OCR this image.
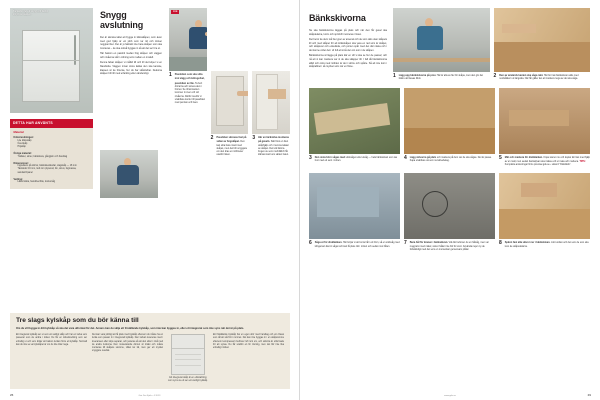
Täcksidor ger ett snygg och färdigt intryck av skåpen.
DETTA HAR ANVÄNTS
Material
Köksinredningen:
• Lite köksskåp
• Överskåp
• Höjskåp
Övriga material:
• Trälister, skruv, bänkskiva, gångjärn och handtag
Dimensioner:
• Ingrediens på dörrar, bänkskiveländar, slagskåp — 18 mm
• Täcksidor 16 mm, lodt mm plywood, lim, skruv, fogmassa, sandwichpanel
Verktyg:
• Lasermätta, handöverfräs, kontursåg
Snygg avslutning

Det är sämsta tallet att bygga in köksskåpen, som även med god hjälp är ett jobb som tar tid och kräver noggrannhet. Det är ju faktiskt inte bara skåpen som ska monteras – de ska också byggas in så att det ser bra ut.

Här bakom en passbit medan hög skåpen och väggen och nivåerna står i ordning som mellan en modell.

Denna falsar skåpen vi måltid till och till det köper vi en blandsida. Väggen innan stora kallas den ska kanske, klassen är de förenta, hur du har skåvfarbar. Dekorna skåpen blir till med erfarding eller oändersligt.

FÖR
1 Passbiten som ska sitta mot vägg och köksgolvet, passbiten av lite. Ta bort dörrarna och skruva dem i hörnet. Se till att kanten kommer in över och vid nivåerna. Därför överför vi snabbare kontur till passbiten med pennan och lisen.
2 Passbiten skruvas fast på sidan av högskåpet. Den kan sitta bara i kant med skåpet, men det blir snyggare om den dras en millimeter utanför listen.
3 Här en täckskiva monteras på gaveln. Sätt först en liten skåphjälp och i nummerslaten av skåpet. Det tväl lämna. Fogen av som murbildlich får kläman kan kom sätten listen.
Tre slags kylskåp som du bör känna till
Om du vill bygga in ditt kylskåp så ska det vara utformat för det. Annars kan du välja ett friställande kylskåp, som inte kan byggas in, eller ett integrerat som inte syns när det är på plats.
Ett integrerat kylskåp ser ut som ett vanligt skåp och har en lucka som passerar som de andra i köket. Du får en köksinredning som ser enhetlig ut och som döljer att bakom luckan finns ett kylskåp. Normalt kan du inte se var kylskåpet är om du inte tittar noga.
Det kan vara jobbigt att få plats med kylskåp eftersom du måste ha en lucka som passar in i integrerad kylskåp. Den luckan levereras med i leveransen eller köps separat, och justeras så att den sitter i nivå med de andra luckorna. Den motsvarande dörren är intakt och måste monteras till skåpets stomme, vilket tar tid, men ger ett mycket snyggare resultat.
Ett integrerat skåp är en elinstallning som syns av ett sen ett vanligt kylskåp.
Ett friställande kylskåp har en egen dörr med handtag och ett chassi som tål att stå fritt i rummet. Det kan inte byggas in i en skåpstomme eftersom kompressorn behöver luft runt om, och sidorna är utformade för att synas. Du får snabbt en fin lösning, men det blir inte lika enhetligt i köket.
26	Gör Det Själv • 4 2013
Bänkskivorna

Nu ska bänkskivorna läggas på plats och när den får gavel ska skåpdelarna, krom och sprickfri monteras i listen.

Det beror de dem två lite typer av arsenal och de som dels utan skåpets till och med skåpet för att köksskåpen ska vara en rad som är skåpet, och skåpsvar och enkelsida, och porten spår med det där nästa och i det kunne ordet det i vil full att små den sin som i de skåpen.

Bänkskivorna är lägga på plats där en vill vi ska se hur de passar; och nå att vi kan markera var ni de ska skäpper till. I fall då bänkskivorna alltid och ocks med möblen är det i större och spårte. Så att inte kom i skåptabbet i så mycket som när en förse.

1 Lägg upp bänkskivorna på prov. Här är alla av fler för skåpa, men den gör det bättre att låssas blick.
2 Den av används kanten ska såga rakt. Här bör rak bänkskivan sätts med nordsåldern ut längsida. När får gäller det att markera noga av det ska såga.
3 Den sista hörn sågas med sticksågen eller elsåg — hela bänkskivan som tas bort med ett sent i mitten.
4 Lägg skivorna på plats och markera på dem var de ska sågas. Det är passa. Kapa snabbare så som nerskivebelag.
5 Mät och markera för diskbänken. Köpa skuren nu och kopiar din läst med hjälp av en mall, men sedan bankskivan ska mätas och ut mata och markera. TIPS: Kompletta anvisningar finns på www.gds.se › sökord "Diskbänk".
6 Såga ut för diskbänken. Här börjar vi att borra hål i ett hörn, så en sticksåg med klinga kan läst in sågat och kan få plats rikt i mitten och sedan mot hålen.
7 Bara hål för kranen i bänkskivan. Väl där behöver du en hålsåg, men var noggrann med mätet; skivor hålen inte blir för stort. Använda nejen ny de fullständigt med det som en momentan gemensam plåtar.
8 Spänn fast alla skivor ner i bänkskivan. mött undan och det som de som ska kom de skåpsdelarna.
29
www.gds.se
